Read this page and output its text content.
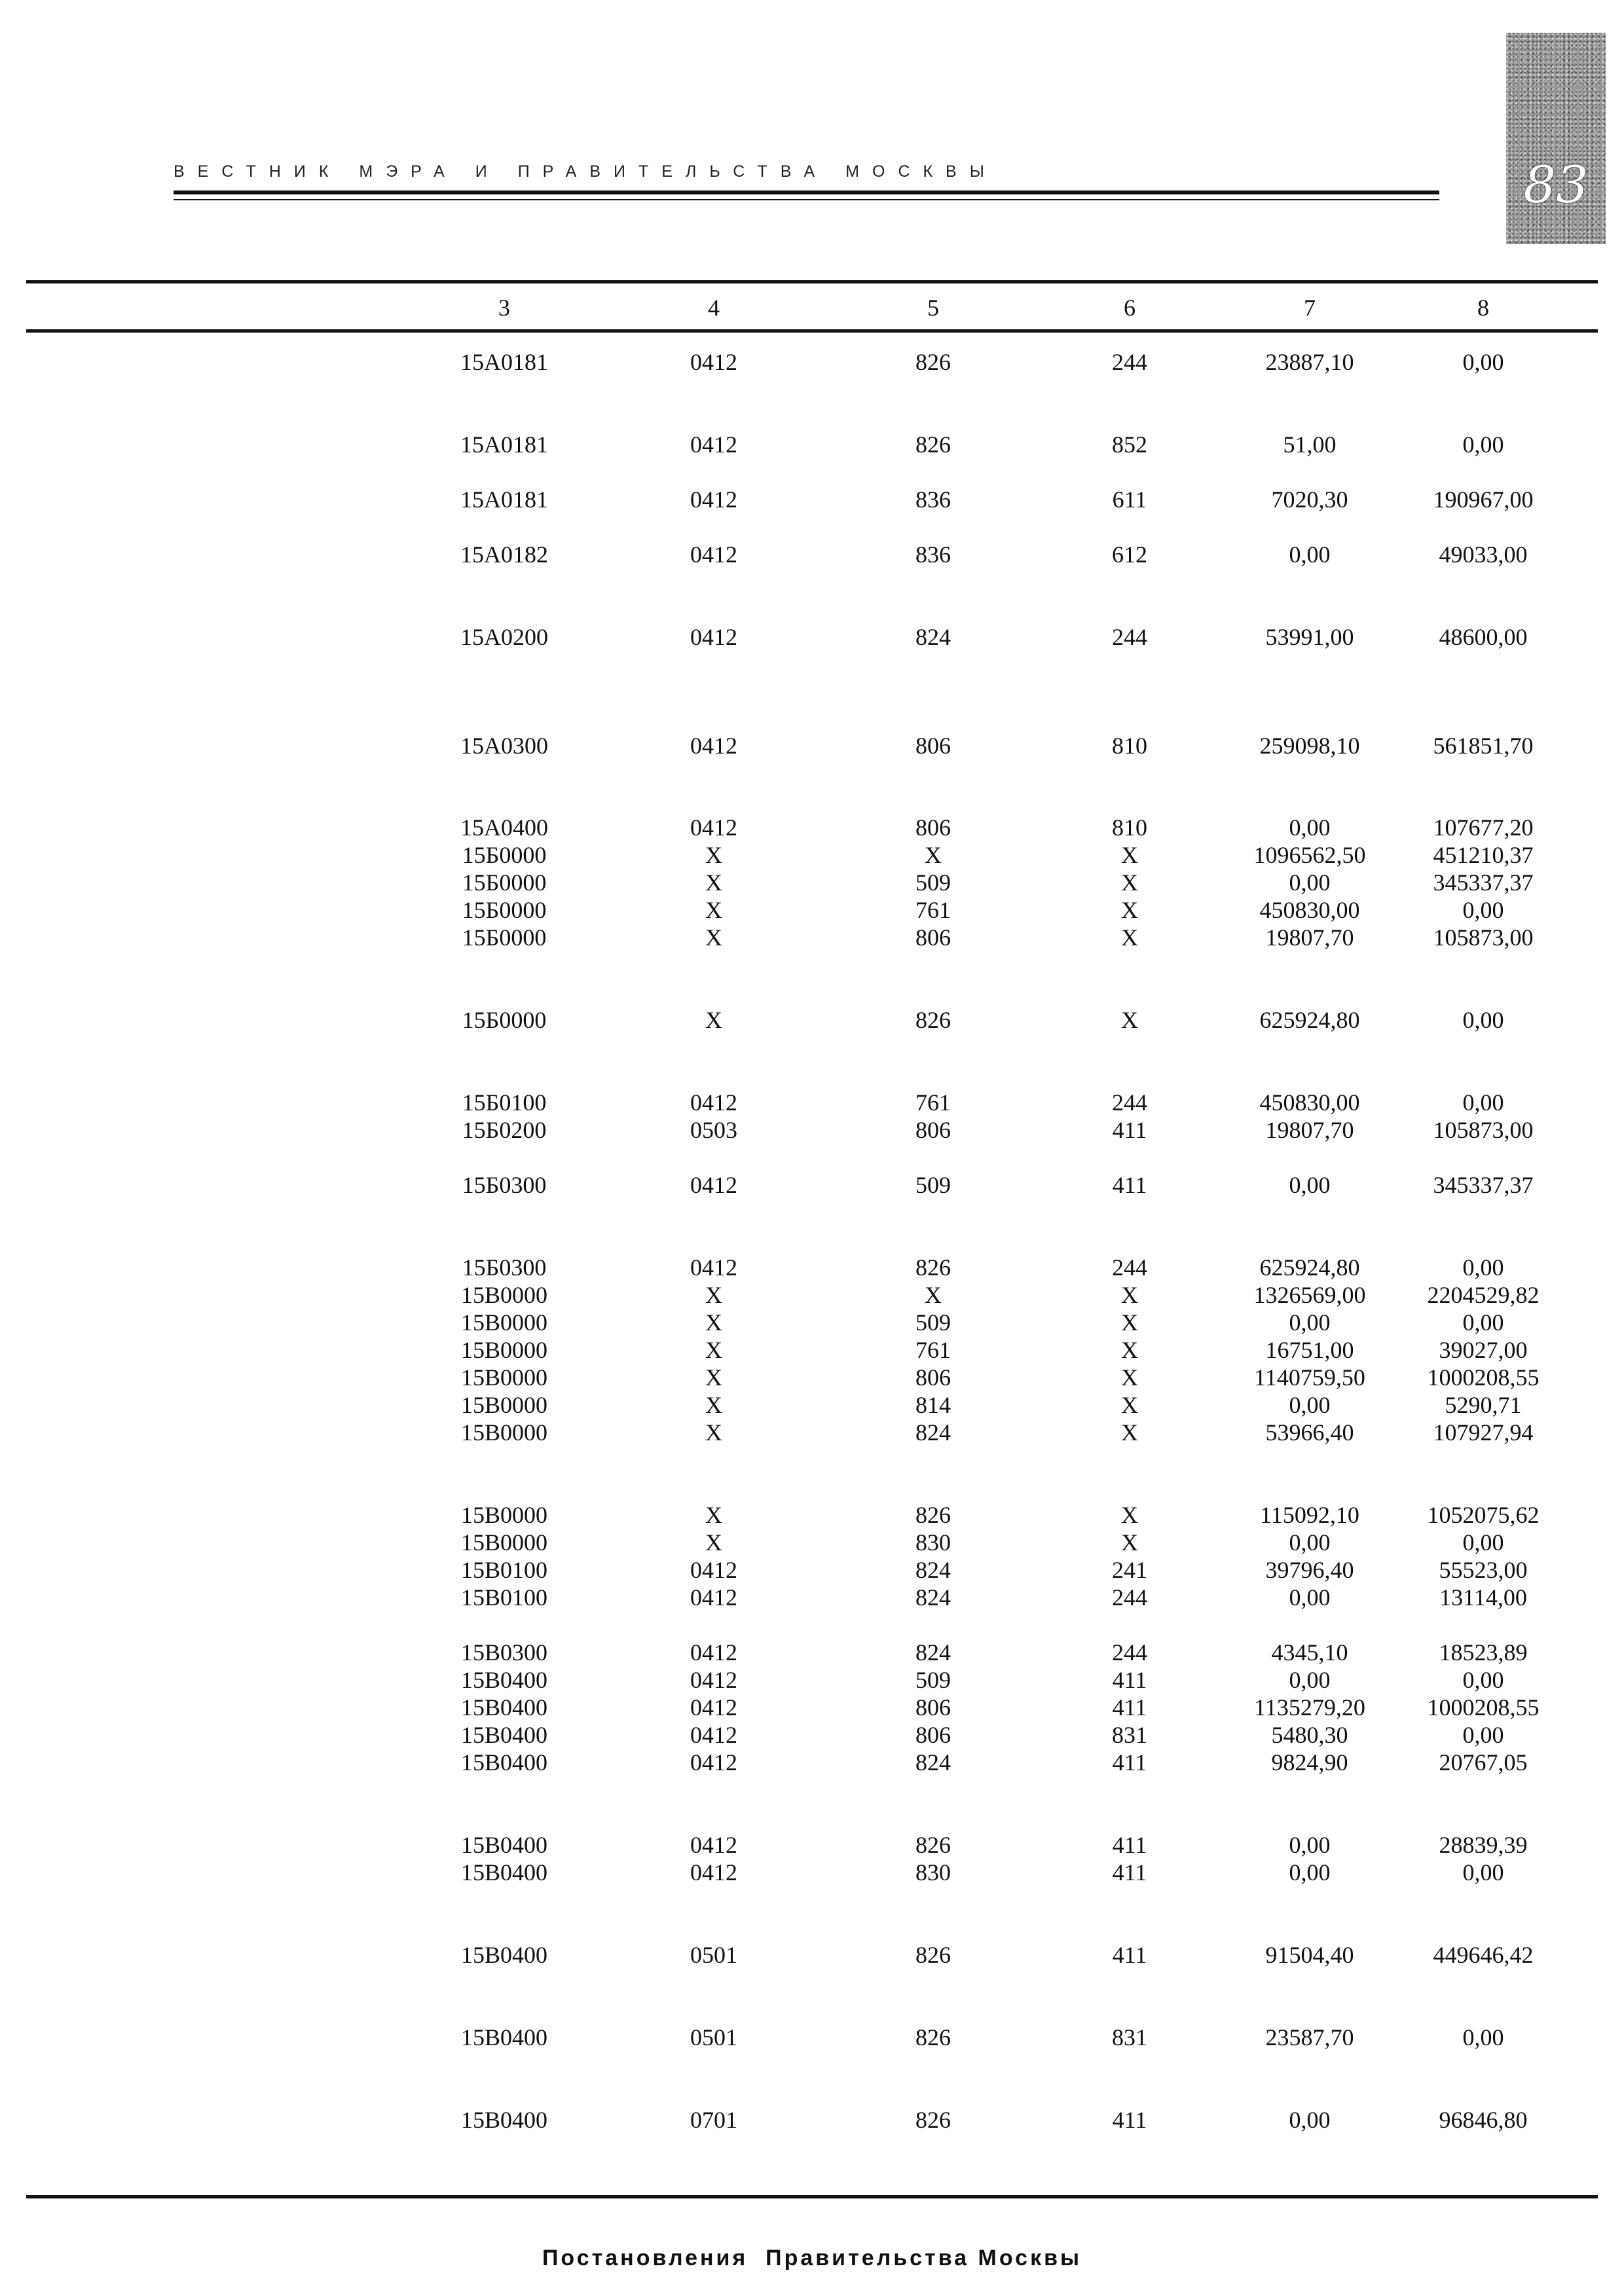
ВЕСТНИК МЭРА И ПРАВИТЕЛЬСТВА МОСКВЫ	83
3	4	5	6	7	8
15А0181	0412	826	244	23887,10	0,00
15А0181	0412	826	852	51,00	0,00
15А0181	0412	836	611	7020,30	190967,00
15А0182	0412	836	612	0,00	49033,00
15А0200	0412	824	244	53991,00	48600,00
15А0300	0412	806	810	259098,10	561851,70
15А0400	0412	806	810	0,00	107677,20
15Б0000	Х	Х	Х	1096562,50	451210,37
15Б0000	Х	509	Х	0,00	345337,37
15Б0000	Х	761	Х	450830,00	0,00
15Б0000	Х	806	Х	19807,70	105873,00
15Б0000	Х	826	Х	625924,80	0,00
15Б0100	0412	761	244	450830,00	0,00
15Б0200	0503	806	411	19807,70	105873,00
15Б0300	0412	509	411	0,00	345337,37
15Б0300	0412	826	244	625924,80	0,00
15В0000	Х	Х	Х	1326569,00	2204529,82
15В0000	Х	509	Х	0,00	0,00
15В0000	Х	761	Х	16751,00	39027,00
15В0000	Х	806	Х	1140759,50	1000208,55
15В0000	Х	814	Х	0,00	5290,71
15В0000	Х	824	Х	53966,40	107927,94
15В0000	Х	826	Х	115092,10	1052075,62
15В0000	Х	830	Х	0,00	0,00
15В0100	0412	824	241	39796,40	55523,00
15В0100	0412	824	244	0,00	13114,00
15В0300	0412	824	244	4345,10	18523,89
15В0400	0412	509	411	0,00	0,00
15В0400	0412	806	411	1135279,20	1000208,55
15В0400	0412	806	831	5480,30	0,00
15В0400	0412	824	411	9824,90	20767,05
15В0400	0412	826	411	0,00	28839,39
15В0400	0412	830	411	0,00	0,00
15В0400	0501	826	411	91504,40	449646,42
15В0400	0501	826	831	23587,70	0,00
15В0400	0701	826	411	0,00	96846,80
Постановления  Правительства Москвы
